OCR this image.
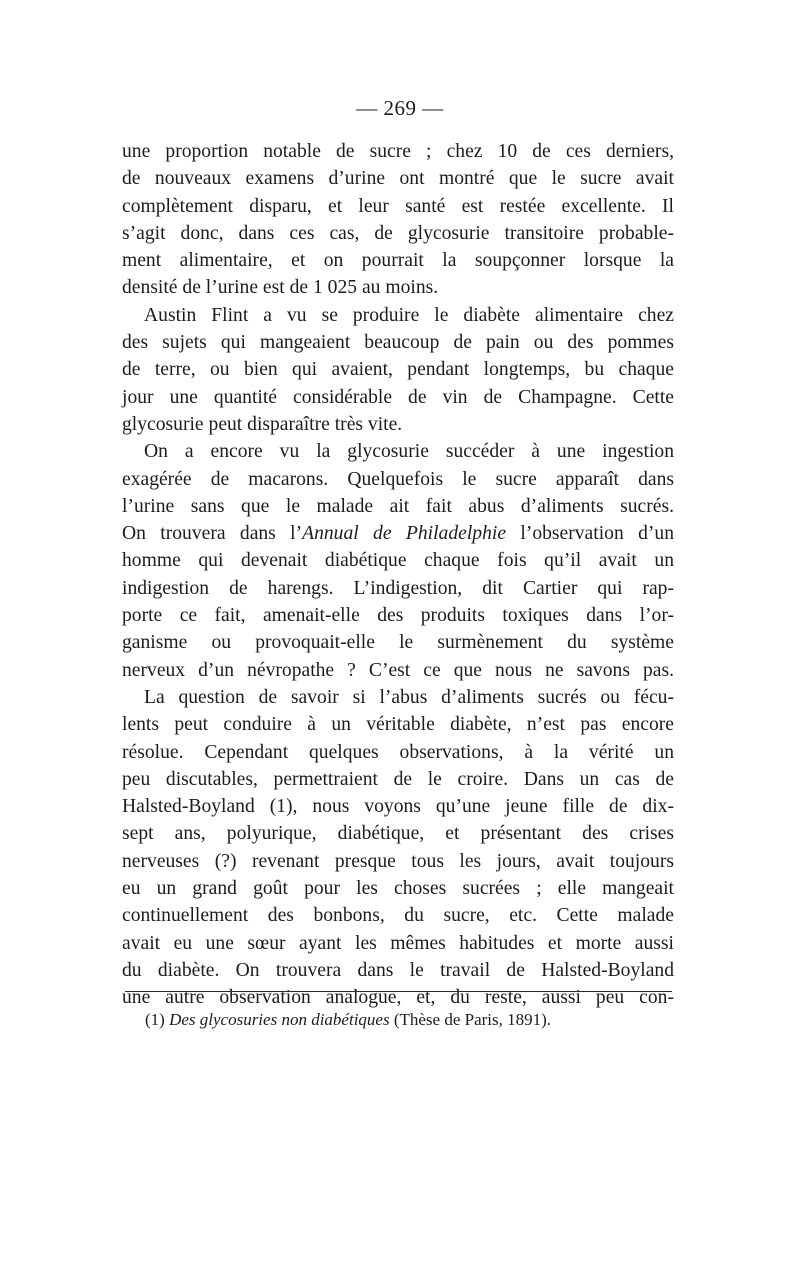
— 269 —
une proportion notable de sucre ; chez 10 de ces derniers,
de nouveaux examens d’urine ont montré que le sucre avait
complètement disparu, et leur santé est restée excellente. Il
s’agit donc, dans ces cas, de glycosurie transitoire probable-
ment alimentaire, et on pourrait la soupçonner lorsque la
densité de l’urine est de 1 025 au moins.
Austin Flint a vu se produire le diabète alimentaire chez
des sujets qui mangeaient beaucoup de pain ou des pommes
de terre, ou bien qui avaient, pendant longtemps, bu chaque
jour une quantité considérable de vin de Champagne. Cette
glycosurie peut disparaître très vite.
On a encore vu la glycosurie succéder à une ingestion
exagérée de macarons. Quelquefois le sucre apparaît dans
l’urine sans que le malade ait fait abus d’aliments sucrés.
On trouvera dans l’Annual de Philadelphie l’observation d’un
homme qui devenait diabétique chaque fois qu’il avait un
indigestion de harengs. L’indigestion, dit Cartier qui rap-
porte ce fait, amenait-elle des produits toxiques dans l’or-
ganisme ou provoquait-elle le surmènement du système
nerveux d’un névropathe ? C’est ce que nous ne savons pas.
La question de savoir si l’abus d’aliments sucrés ou fécu-
lents peut conduire à un véritable diabète, n’est pas encore
résolue. Cependant quelques observations, à la vérité un
peu discutables, permettraient de le croire. Dans un cas de
Halsted-Boyland (1), nous voyons qu’une jeune fille de dix-
sept ans, polyurique, diabétique, et présentant des crises
nerveuses (?) revenant presque tous les jours, avait toujours
eu un grand goût pour les choses sucrées ; elle mangeait
continuellement des bonbons, du sucre, etc. Cette malade
avait eu une sœur ayant les mêmes habitudes et morte aussi
du diabète. On trouvera dans le travail de Halsted-Boyland
une autre observation analogue, et, du reste, aussi peu con-
(1) Des glycosuries non diabétiques (Thèse de Paris, 1891).
